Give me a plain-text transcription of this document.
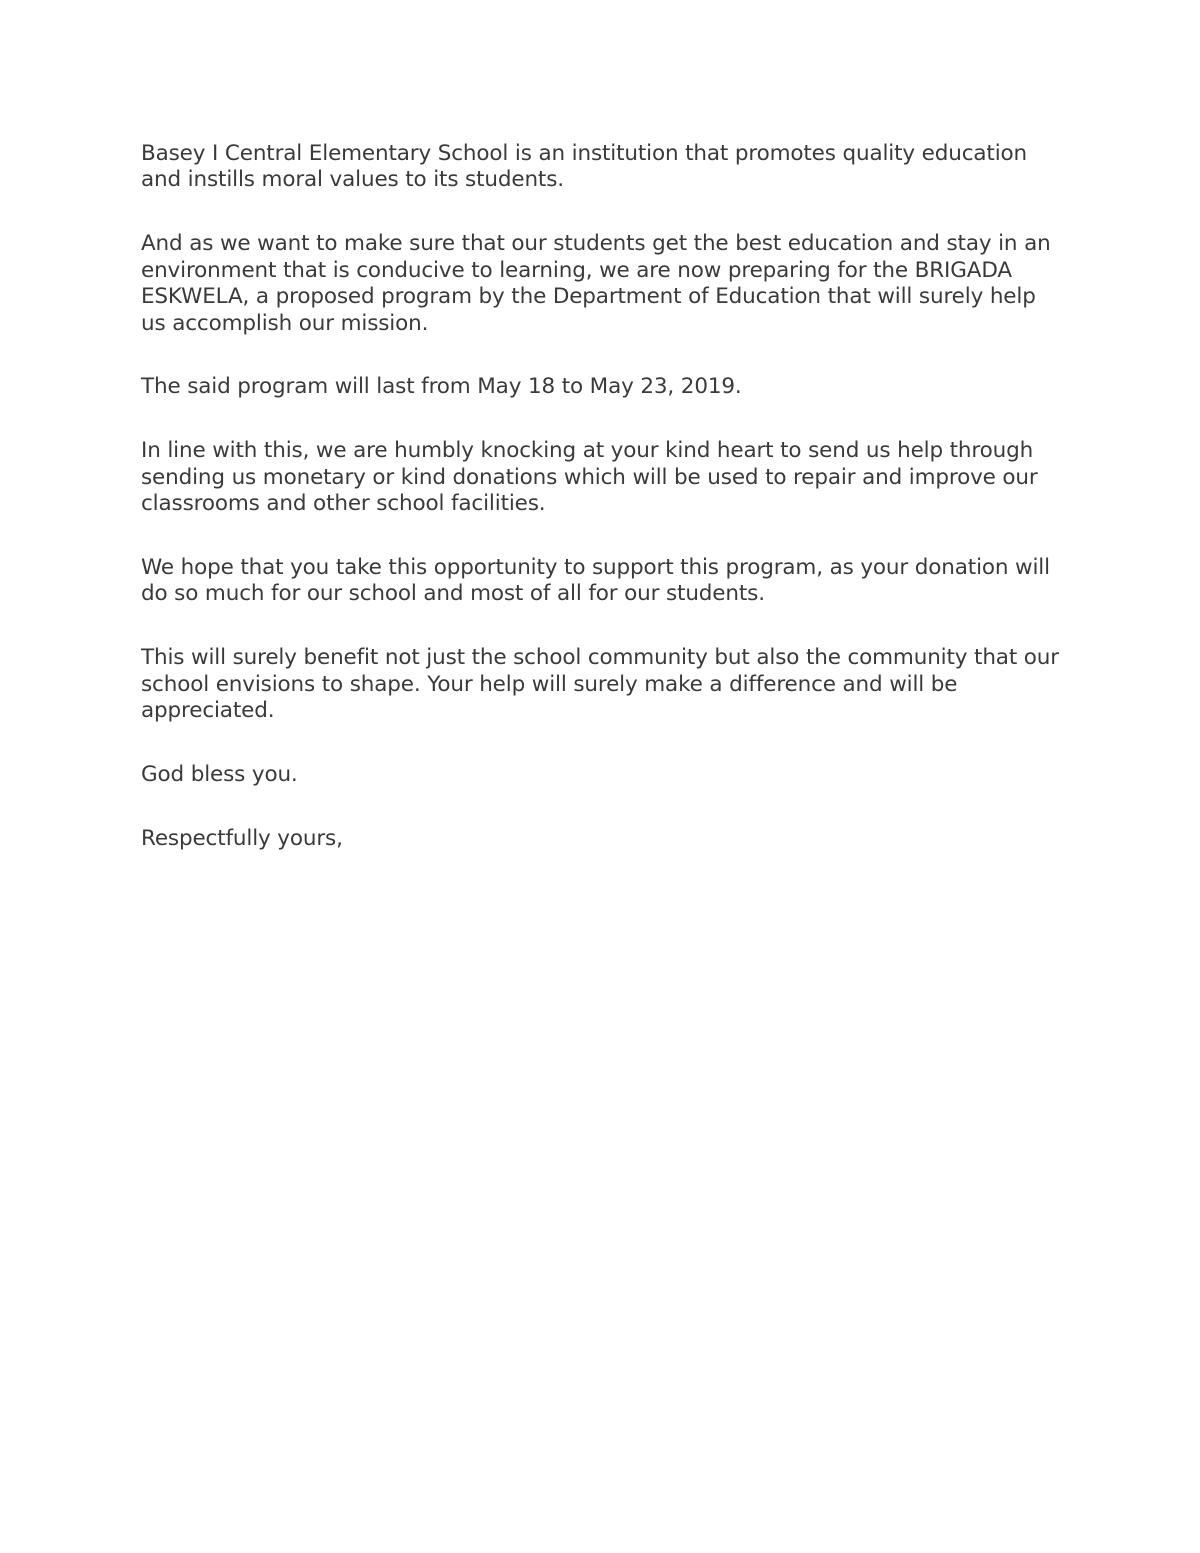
Basey I Central Elementary School is an institution that promotes quality education and instills moral values to its students.

And as we want to make sure that our students get the best education and stay in an environment that is conducive to learning, we are now preparing for the BRIGADA ESKWELA, a proposed program by the Department of Education that will surely help us accomplish our mission.

The said program will last from May 18 to May 23, 2019.

In line with this, we are humbly knocking at your kind heart to send us help through sending us monetary or kind donations which will be used to repair and improve our classrooms and other school facilities.

We hope that you take this opportunity to support this program, as your donation will do so much for our school and most of all for our students.

This will surely benefit not just the school community but also the community that our school envisions to shape. Your help will surely make a difference and will be appreciated.

God bless you.

Respectfully yours,
